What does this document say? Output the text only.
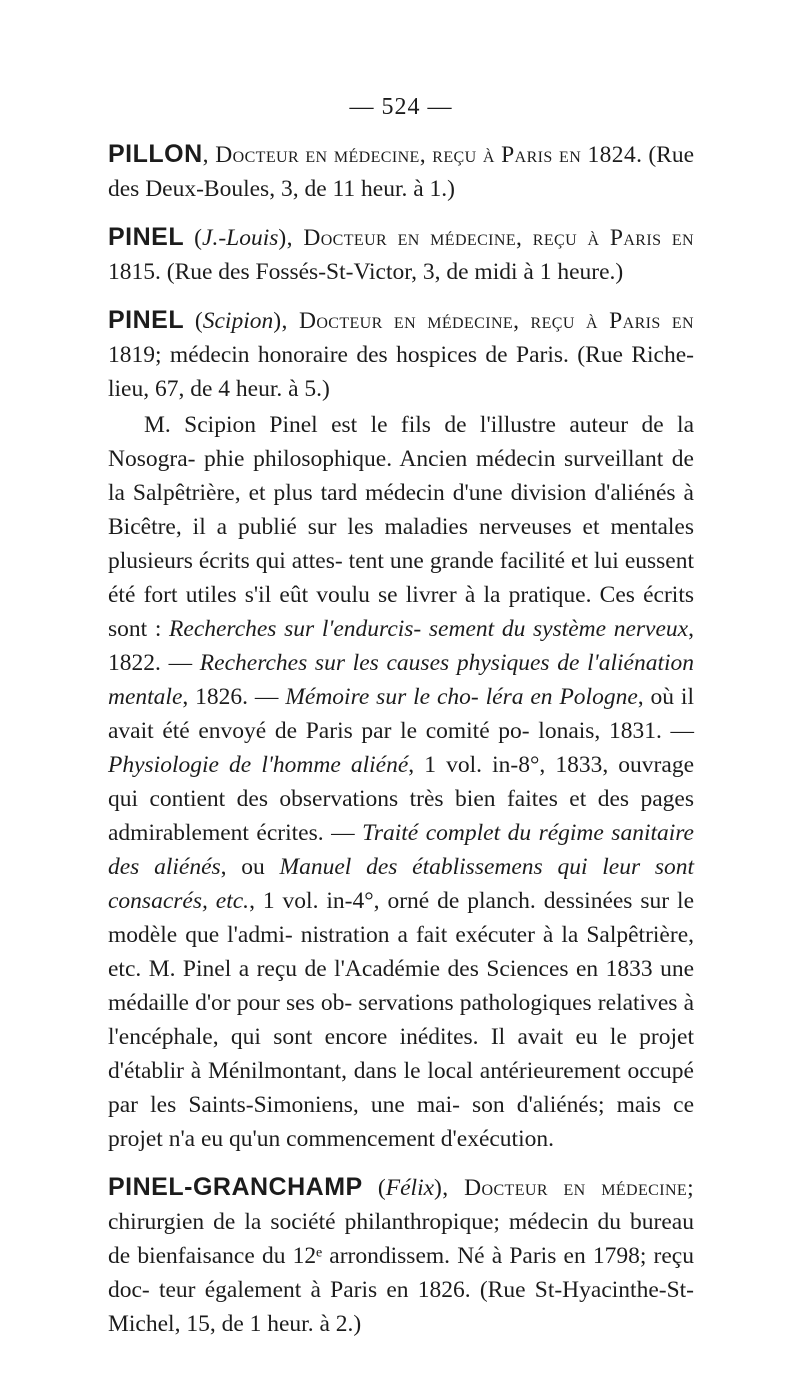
— 524 —

PILLON, Docteur en médecine, reçu à Paris en 1824. (Rue des Deux-Boules, 3, de 11 heur. à 1.)

PINEL (J.-Louis), Docteur en médecine, reçu à Paris en 1815. (Rue des Fossés-St-Victor, 3, de midi à 1 heure.)

PINEL (Scipion), Docteur en médecine, reçu à Paris en 1819; médecin honoraire des hospices de Paris. (Rue Riche- lieu, 67, de 4 heur. à 5.)

M. Scipion Pinel est le fils de l'illustre auteur de la Nosogra- phie philosophique. Ancien médecin surveillant de la Salpêtrière, et plus tard médecin d'une division d'aliénés à Bicêtre, il a publié sur les maladies nerveuses et mentales plusieurs écrits qui attes- tent une grande facilité et lui eussent été fort utiles s'il eût voulu se livrer à la pratique. Ces écrits sont : Recherches sur l'endurcis- sement du système nerveux, 1822. — Recherches sur les causes physiques de l'aliénation mentale, 1826. — Mémoire sur le cho- léra en Pologne, où il avait été envoyé de Paris par le comité po- lonais, 1831. — Physiologie de l'homme aliéné, 1 vol. in-8°, 1833, ouvrage qui contient des observations très bien faites et des pages admirablement écrites. — Traité complet du régime sanitaire des aliénés, ou Manuel des établissemens qui leur sont consacrés, etc., 1 vol. in-4°, orné de planch. dessinées sur le modèle que l'admi- nistration a fait exécuter à la Salpêtrière, etc. M. Pinel a reçu de l'Académie des Sciences en 1833 une médaille d'or pour ses ob- servations pathologiques relatives à l'encéphale, qui sont encore inédites. Il avait eu le projet d'établir à Ménilmontant, dans le local antérieurement occupé par les Saints-Simoniens, une mai- son d'aliénés; mais ce projet n'a eu qu'un commencement d'exécution.

PINEL-GRANCHAMP (Félix), Docteur en médecine; chirurgien de la société philanthropique; médecin du bureau de bienfaisance du 12ᵉ arrondissem. Né à Paris en 1798; reçu doc- teur également à Paris en 1826. (Rue St-Hyacinthe-St-Michel, 15, de 1 heur. à 2.)
